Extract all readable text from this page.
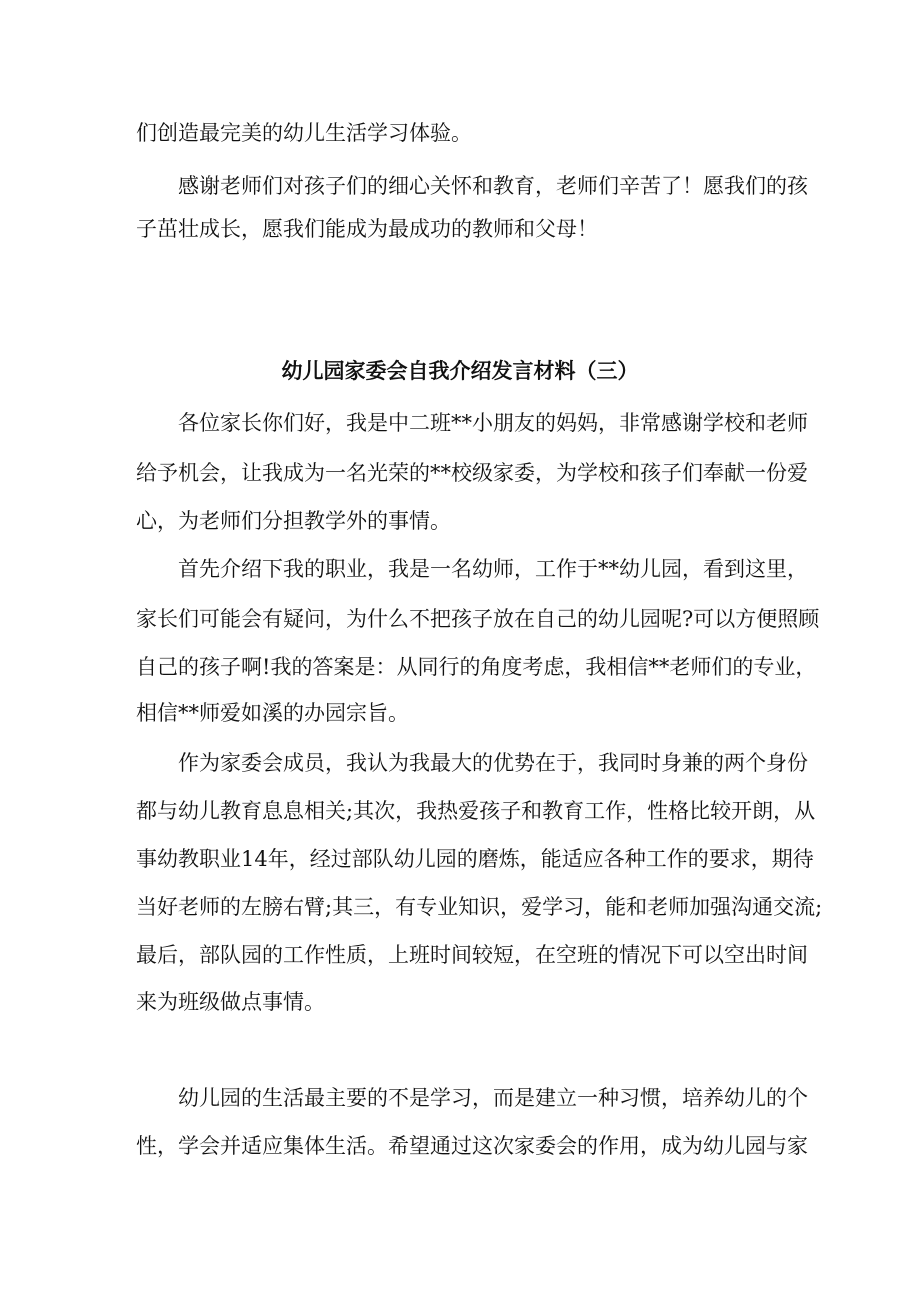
们创造最完美的幼儿生活学习体验。

感谢老师们对孩子们的细心关怀和教育，老师们辛苦了！愿我们的孩

子茁壮成长，愿我们能成为最成功的教师和父母！

幼儿园家委会自我介绍发言材料（三）

各位家长你们好，我是中二班**小朋友的妈妈，非常感谢学校和老师

给予机会，让我成为一名光荣的**校级家委，为学校和孩子们奉献一份爱

心，为老师们分担教学外的事情。

首先介绍下我的职业，我是一名幼师，工作于**幼儿园，看到这里，

家长们可能会有疑问，为什么不把孩子放在自己的幼儿园呢?可以方便照顾

自己的孩子啊!我的答案是：从同行的角度考虑，我相信**老师们的专业，

相信**师爱如溪的办园宗旨。

作为家委会成员，我认为我最大的优势在于，我同时身兼的两个身份

都与幼儿教育息息相关;其次，我热爱孩子和教育工作，性格比较开朗，从

事幼教职业14年，经过部队幼儿园的磨炼，能适应各种工作的要求，期待

当好老师的左膀右臂;其三，有专业知识，爱学习，能和老师加强沟通交流;

最后，部队园的工作性质，上班时间较短，在空班的情况下可以空出时间

来为班级做点事情。

幼儿园的生活最主要的不是学习，而是建立一种习惯，培养幼儿的个

性，学会并适应集体生活。希望通过这次家委会的作用，成为幼儿园与家
